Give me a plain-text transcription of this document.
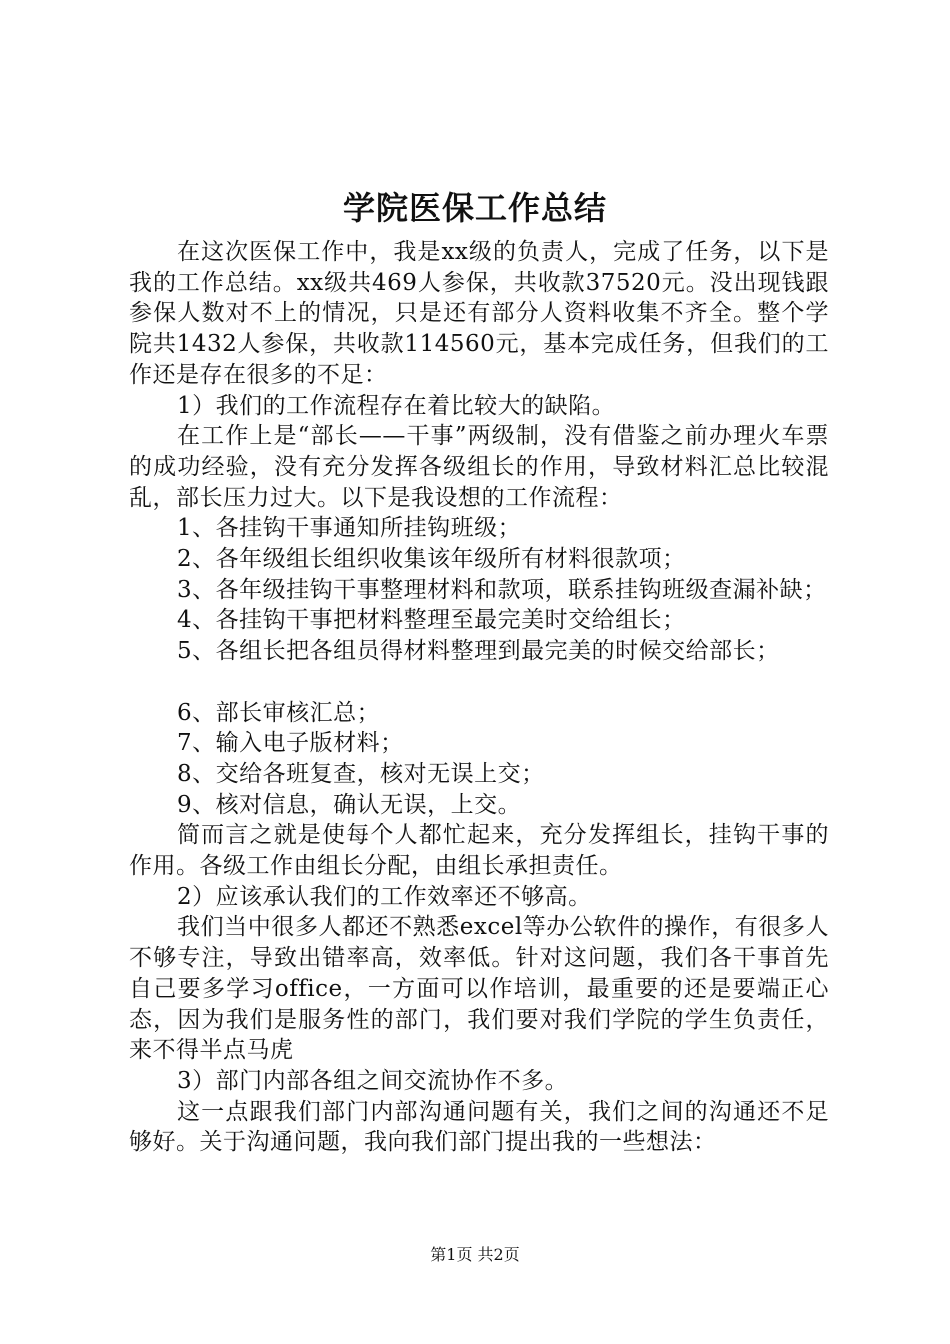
学院医保工作总结

在这次医保工作中，我是xx级的负责人，完成了任务，以下是我的工作总结。xx级共469人参保，共收款37520元。没出现钱跟参保人数对不上的情况，只是还有部分人资料收集不齐全。整个学院共1432人参保，共收款114560元，基本完成任务，但我们的工作还是存在很多的不足：

1）我们的工作流程存在着比较大的缺陷。

在工作上是“部长——干事”两级制，没有借鉴之前办理火车票的成功经验，没有充分发挥各级组长的作用，导致材料汇总比较混乱，部长压力过大。以下是我设想的工作流程：

1、各挂钩干事通知所挂钩班级；

2、各年级组长组织收集该年级所有材料很款项；

3、各年级挂钩干事整理材料和款项，联系挂钩班级查漏补缺；

4、各挂钩干事把材料整理至最完美时交给组长；

5、各组长把各组员得材料整理到最完美的时候交给部长；

6、部长审核汇总；

7、输入电子版材料；

8、交给各班复查，核对无误上交；

9、核对信息，确认无误，上交。

简而言之就是使每个人都忙起来，充分发挥组长，挂钩干事的作用。各级工作由组长分配，由组长承担责任。

2）应该承认我们的工作效率还不够高。

我们当中很多人都还不熟悉excel等办公软件的操作，有很多人不够专注，导致出错率高，效率低。针对这问题，我们各干事首先自己要多学习office，一方面可以作培训，最重要的还是要端正心态，因为我们是服务性的部门，我们要对我们学院的学生负责任，来不得半点马虎

3）部门内部各组之间交流协作不多。

这一点跟我们部门内部沟通问题有关，我们之间的沟通还不足够好。关于沟通问题，我向我们部门提出我的一些想法：

第1页 共2页
